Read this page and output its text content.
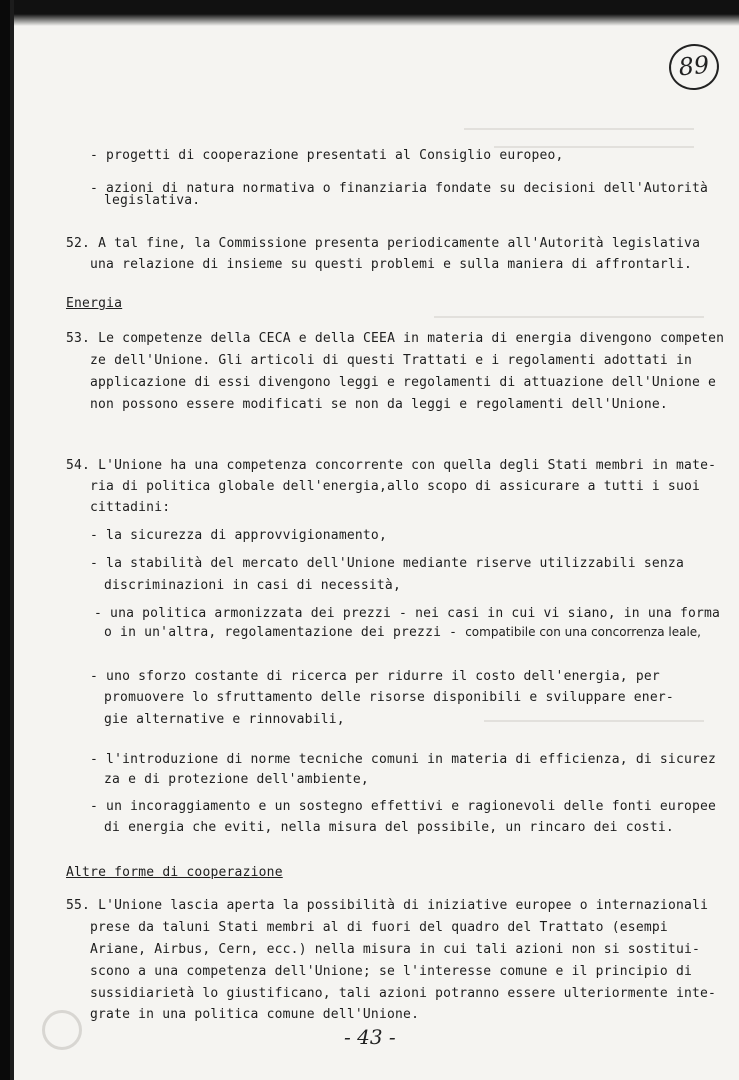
89
- progetti di cooperazione presentati al Consiglio europeo,
- azioni di natura normativa o finanziaria fondate su decisioni dell'Autorità
legislativa.
52. A tal fine, la Commissione presenta periodicamente all'Autorità legislativa
una relazione di insieme su questi problemi e sulla maniera di affrontarli.
Energia
53. Le competenze della CECA e della CEEA in materia di energia divengono competen
ze dell'Unione. Gli articoli di questi Trattati e i regolamenti adottati in
applicazione di essi divengono leggi e regolamenti di attuazione dell'Unione e
non possono essere modificati se non da leggi e regolamenti dell'Unione.
54. L'Unione ha una competenza concorrente con quella degli Stati membri in mate-
ria di politica globale dell'energia,allo scopo di assicurare a tutti i suoi
cittadini:
- la sicurezza di approvvigionamento,
- la stabilità del mercato dell'Unione mediante riserve utilizzabili senza
discriminazioni in casi di necessità,
- una politica armonizzata dei prezzi - nei casi in cui vi siano, in una forma
o in un'altra, regolamentazione dei prezzi - compatibile con una concorrenza leale,
- uno sforzo costante di ricerca per ridurre il costo dell'energia, per
promuovere lo sfruttamento delle risorse disponibili e sviluppare ener-
gie alternative e rinnovabili,
- l'introduzione di norme tecniche comuni in materia di efficienza, di sicurez
za e di protezione dell'ambiente,
- un incoraggiamento e un sostegno effettivi e ragionevoli delle fonti europee
di energia che eviti, nella misura del possibile, un rincaro dei costi.
Altre forme di cooperazione
55. L'Unione lascia aperta la possibilità di iniziative europee o internazionali
prese da taluni Stati membri al di fuori del quadro del Trattato (esempi
Ariane, Airbus, Cern, ecc.) nella misura in cui tali azioni non si sostitui-
scono a una competenza dell'Unione; se l'interesse comune e il principio di
sussidiarietà lo giustificano, tali azioni potranno essere ulteriormente inte-
grate in una politica comune dell'Unione.
- 43 -
